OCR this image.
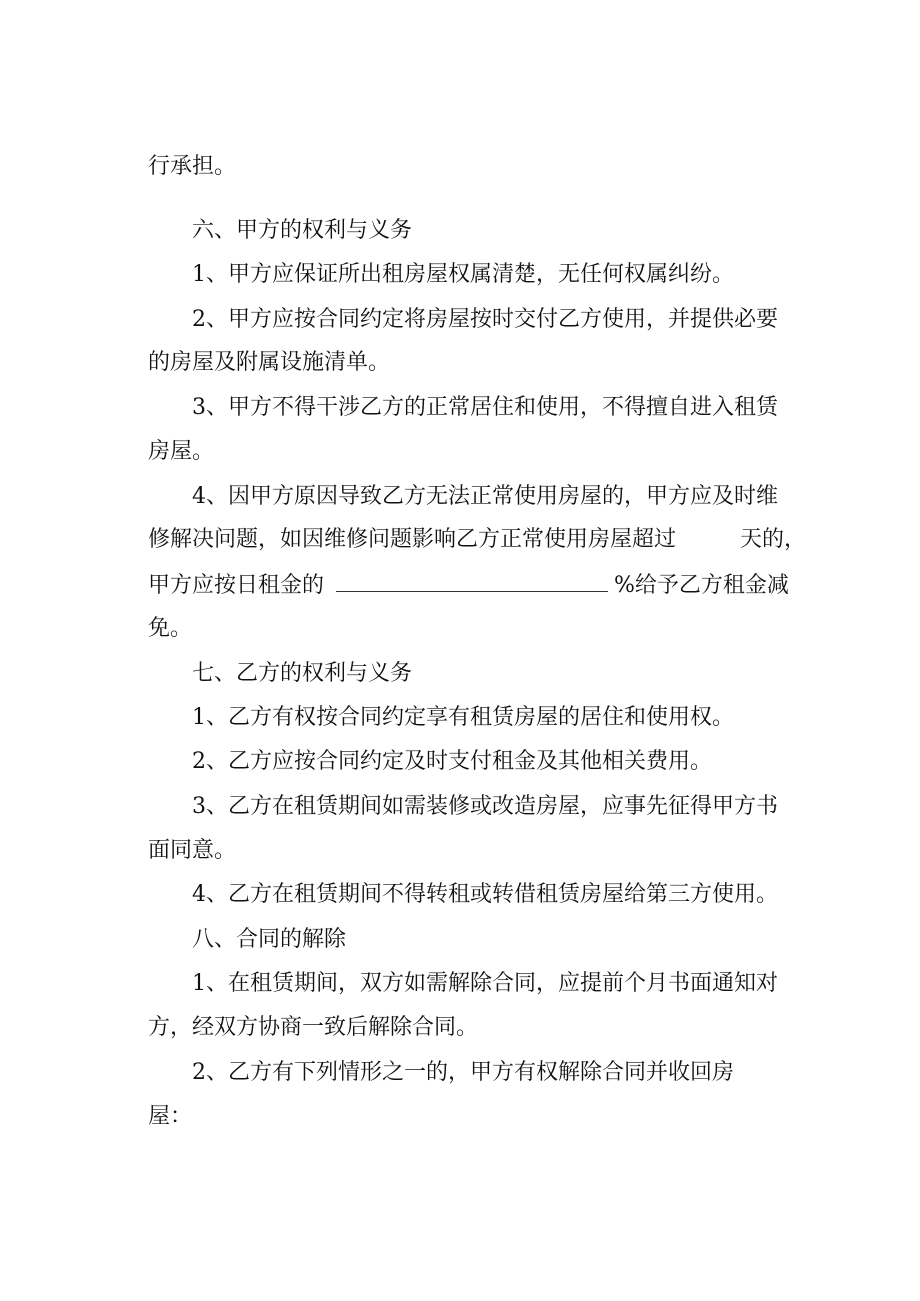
行承担。
六、甲方的权利与义务
1、甲方应保证所出租房屋权属清楚，无任何权属纠纷。
2、甲方应按合同约定将房屋按时交付乙方使用，并提供必要
的房屋及附属设施清单。
3、甲方不得干涉乙方的正常居住和使用，不得擅自进入租赁
房屋。
4、因甲方原因导致乙方无法正常使用房屋的，甲方应及时维
修解决问题，如因维修问题影响乙方正常使用房屋超过	天的，
甲方应按日租金的	%给予乙方租金减
免。
七、乙方的权利与义务
1、乙方有权按合同约定享有租赁房屋的居住和使用权。
2、乙方应按合同约定及时支付租金及其他相关费用。
3、乙方在租赁期间如需装修或改造房屋，应事先征得甲方书
面同意。
4、乙方在租赁期间不得转租或转借租赁房屋给第三方使用。
八、合同的解除
1、在租赁期间，双方如需解除合同，应提前个月书面通知对
方，经双方协商一致后解除合同。
2、乙方有下列情形之一的，甲方有权解除合同并收回房
屋：
